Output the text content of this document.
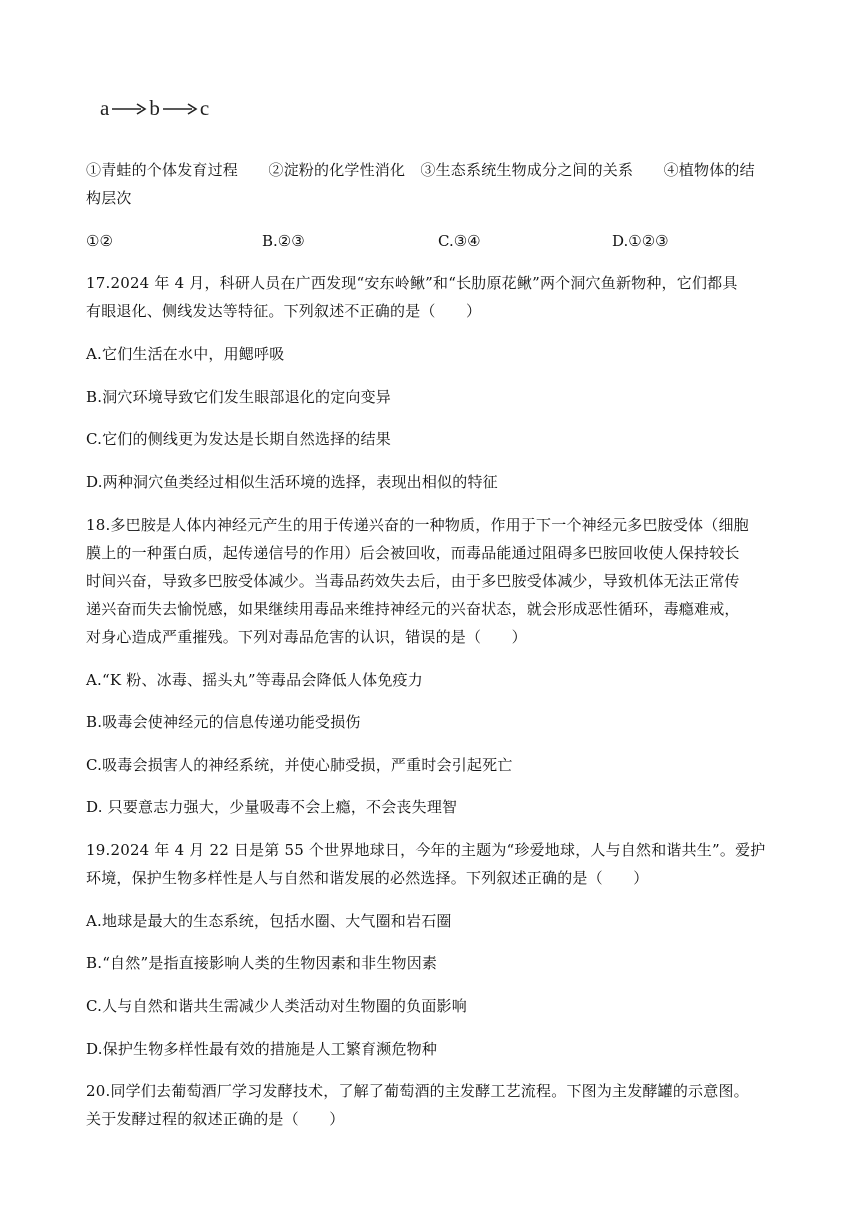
a b c
①青蛙的个体发育过程　　②淀粉的化学性消化　③生态系统生物成分之间的关系　　④植物体的结
构层次
①②	B.②③	C.③④	D.①②③
17.2024 年 4 月，科研人员在广西发现“安东岭鳅”和“长肋原花鳅”两个洞穴鱼新物种，它们都具
有眼退化、侧线发达等特征。下列叙述不正确的是（　　）
A.它们生活在水中，用鳃呼吸
B.洞穴环境导致它们发生眼部退化的定向变异
C.它们的侧线更为发达是长期自然选择的结果
D.两种洞穴鱼类经过相似生活环境的选择，表现出相似的特征
18.多巴胺是人体内神经元产生的用于传递兴奋的一种物质，作用于下一个神经元多巴胺受体（细胞
膜上的一种蛋白质，起传递信号的作用）后会被回收，而毒品能通过阻碍多巴胺回收使人保持较长
时间兴奋，导致多巴胺受体减少。当毒品药效失去后，由于多巴胺受体减少，导致机体无法正常传
递兴奋而失去愉悦感，如果继续用毒品来维持神经元的兴奋状态，就会形成恶性循环，毒瘾难戒，
对身心造成严重摧残。下列对毒品危害的认识，错误的是（　　）
A.“K 粉、冰毒、摇头丸”等毒品会降低人体免疫力
B.吸毒会使神经元的信息传递功能受损伤
C.吸毒会损害人的神经系统，并使心肺受损，严重时会引起死亡
D. 只要意志力强大，少量吸毒不会上瘾，不会丧失理智
19.2024 年 4 月 22 日是第 55 个世界地球日，今年的主题为“珍爱地球，人与自然和谐共生”。爱护
环境，保护生物多样性是人与自然和谐发展的必然选择。下列叙述正确的是（　　）
A.地球是最大的生态系统，包括水圈、大气圈和岩石圈
B.“自然”是指直接影响人类的生物因素和非生物因素
C.人与自然和谐共生需减少人类活动对生物圈的负面影响
D.保护生物多样性最有效的措施是人工繁育濒危物种
20.同学们去葡萄酒厂学习发酵技术，了解了葡萄酒的主发酵工艺流程。下图为主发酵罐的示意图。
关于发酵过程的叙述正确的是（　　）
